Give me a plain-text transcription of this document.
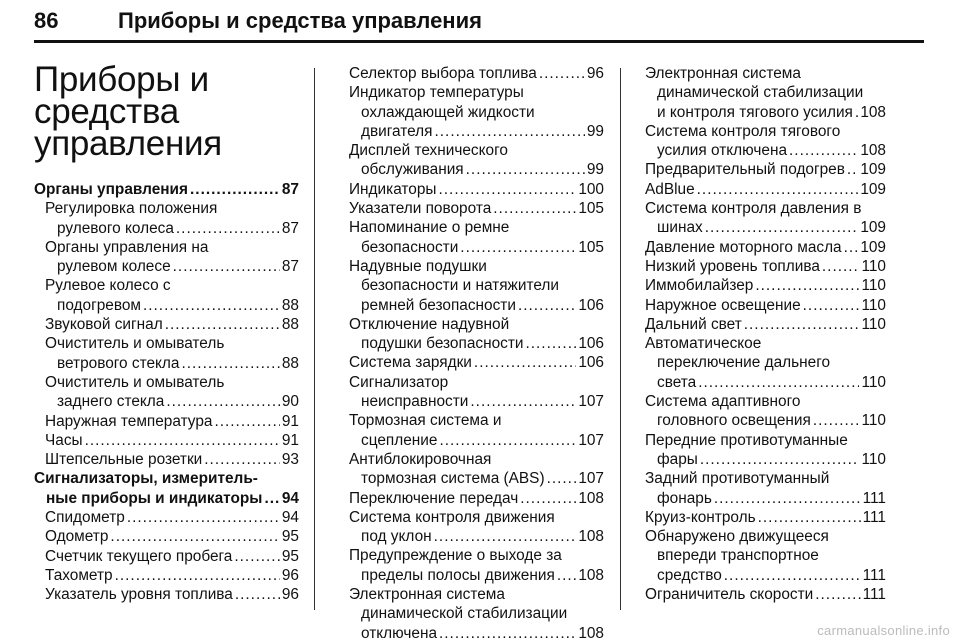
86	Приборы и средства управления
Приборы и
средства
управления
Органы управления .....	87
Регулировка положения
рулевого колеса .....	87
Органы управления на
рулевом колесе .....	87
Рулевое колесо с
подогревом .....	88
Звуковой сигнал .....	88
Очиститель и омыватель
ветрового стекла .....	88
Очиститель и омыватель
заднего стекла .....	90
Наружная температура .....	91
Часы .....	91
Штепсельные розетки .....	93
Сигнализаторы, измеритель-
ные приборы и индикаторы ..... 94
Спидометр .....	94
Одометр .....	95
Счетчик текущего пробега .....	95
Тахометр .....	96
Указатель уровня топлива .....	96
Селектор выбора топлива .....	96
Индикатор температуры
охлаждающей жидкости
двигателя .....	99
Дисплей технического
обслуживания .....	99
Индикаторы .....	100
Указатели поворота .....	105
Напоминание о ремне
безопасности .....	105
Надувные подушки
безопасности и натяжители
ремней безопасности .....	106
Отключение надувной
подушки безопасности .....	106
Система зарядки .....	106
Сигнализатор
неисправности .....	107
Тормозная система и
сцепление .....	107
Антиблокировочная
тормозная система (ABS) ..... 107
Переключение передач .....	108
Система контроля движения
под уклон .....	108
Предупреждение о выходе за
пределы полосы движения ..... 108
Электронная система
динамической стабилизации
отключена .....	108
Электронная система
динамической стабилизации
и контроля тягового усилия ..... 108
Система контроля тягового
усилия отключена .....	108
Предварительный подогрев ..... 109
AdBlue .....	109
Система контроля давления в
шинах .....	109
Давление моторного масла ..... 109
Низкий уровень топлива .....	110
Иммобилайзер .....	110
Наружное освещение .....	110
Дальний свет .....	110
Автоматическое
переключение дальнего
света .....	110
Система адаптивного
головного освещения .....	110
Передние противотуманные
фары .....	110
Задний противотуманный
фонарь .....	111
Круиз-контроль .....	111
Обнаружено движущееся
впереди транспортное
средство .....	111
Ограничитель скорости .....	111
carmanualsonline.info
